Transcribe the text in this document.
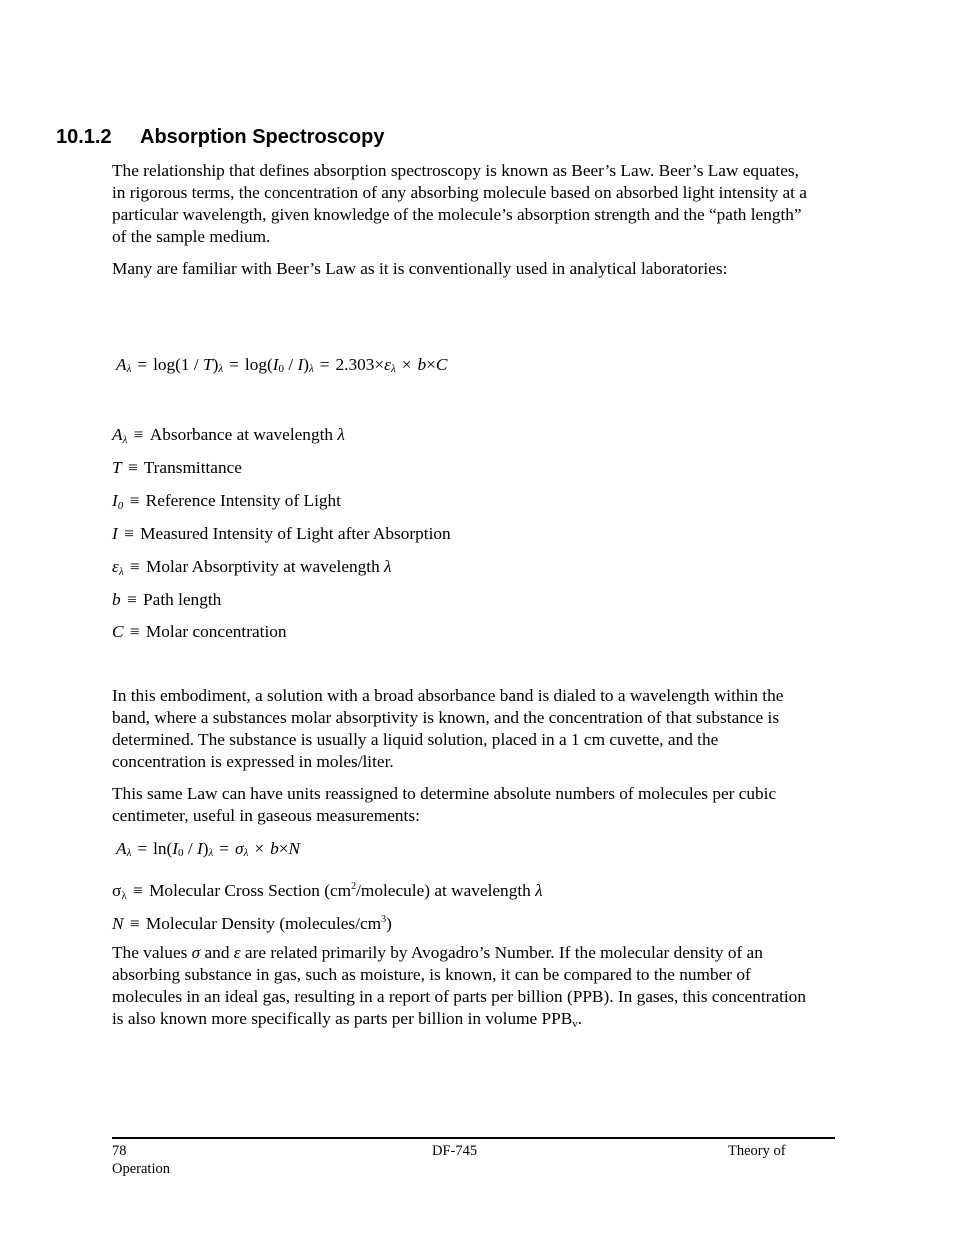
10.1.2 Absorption Spectroscopy

The relationship that defines absorption spectroscopy is known as Beer’s Law. Beer’s Law equates, in rigorous terms, the concentration of any absorbing molecule based on absorbed light intensity at a particular wavelength, given knowledge of the molecule’s absorption strength and the “path length” of the sample medium.

Many are familiar with Beer’s Law as it is conventionally used in analytical laboratories:

$A_\lambda = \log(1 / T)_\lambda = \log(I_0 / I)_\lambda = 2.303\times\varepsilon_\lambda \times b\times C$

$A_\lambda$ ≡ Absorbance at wavelength λ

T ≡ Transmittance

$I_0$ ≡ Reference Intensity of Light

I ≡ Measured Intensity of Light after Absorption

$\varepsilon_\lambda$ ≡ Molar Absorptivity at wavelength λ

b ≡ Path length

C ≡ Molar concentration

In this embodiment, a solution with a broad absorbance band is dialed to a wavelength within the band, where a substances molar absorptivity is known, and the concentration of that substance is determined. The substance is usually a liquid solution, placed in a 1 cm cuvette, and the concentration is expressed in moles/liter.

This same Law can have units reassigned to determine absolute numbers of molecules per cubic centimeter, useful in gaseous measurements:

$A_\lambda = \ln(I_0 / I)_\lambda = \sigma_\lambda \times b\times N$

$\sigma_\lambda$ ≡ Molecular Cross Section $(cm^2/molecule)$ at wavelength λ

N ≡ Molecular Density $(molecules/cm^3)$

The values σ and ε are related primarily by Avogadro’s Number. If the molecular density of an absorbing substance in gas, such as moisture, is known, it can be compared to the number of molecules in an ideal gas, resulting in a report of parts per billion (PPB). In gases, this concentration is also known more specifically as parts per billion in volume PPBv.

78	DF-745	Theory of
Operation
